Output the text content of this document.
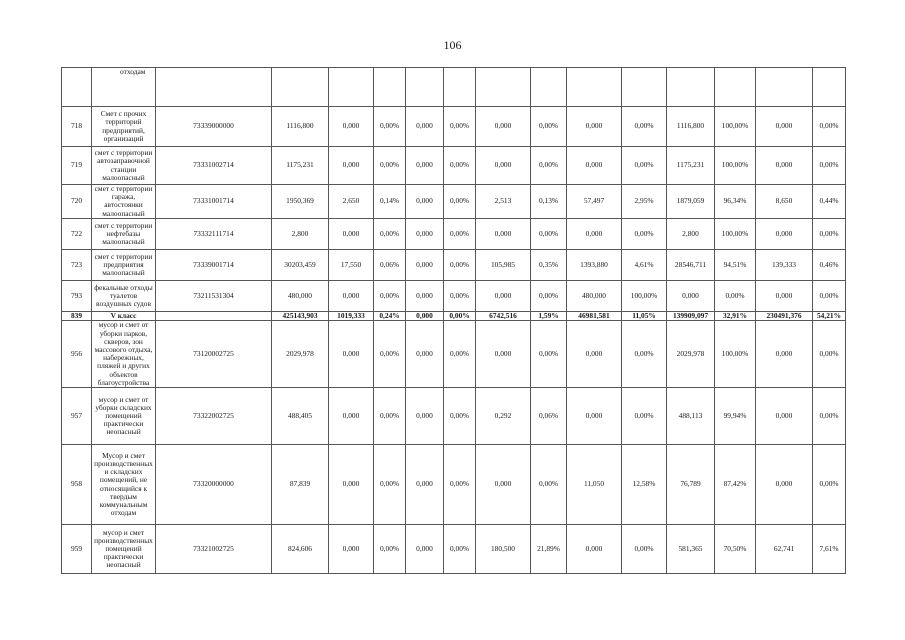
106
	отходам														
718	Смет с прочих территорий предприятий, организаций	73339000000	1116,800	0,000	0,00%	0,000	0,00%	0,000	0,00%	0,000	0,00%	1116,800	100,00%	0,000	0,00%
719	смет с территории автозаправочной станции малоопасный	73331002714	1175,231	0,000	0,00%	0,000	0,00%	0,000	0,00%	0,000	0,00%	1175,231	100,00%	0,000	0,00%
720	смет с территории гаража, автостоянки малоопасный	73331001714	1950,369	2,650	0,14%	0,000	0,00%	2,513	0,13%	57,497	2,95%	1879,059	96,34%	8,650	0,44%
722	смет с территории нефтебазы малоопасный	73332111714	2,800	0,000	0,00%	0,000	0,00%	0,000	0,00%	0,000	0,00%	2,800	100,00%	0,000	0,00%
723	смет с территории предприятия малоопасный	73339001714	30203,459	17,550	0,06%	0,000	0,00%	105,985	0,35%	1393,880	4,61%	28546,711	94,51%	139,333	0,46%
793	фекальные отходы туалетов воздушных судов	73211531304	480,000	0,000	0,00%	0,000	0,00%	0,000	0,00%	480,000	100,00%	0,000	0,00%	0,000	0,00%
839	V класс		425143,903	1019,333	0,24%	0,000	0,00%	6742,516	1,59%	46981,581	11,05%	139909,097	32,91%	230491,376	54,21%
956	мусор и смет от уборки парков, скверов, зон массового отдыха, набережных, пляжей и других объектов благоустройства	73120002725	2029,978	0,000	0,00%	0,000	0,00%	0,000	0,00%	0,000	0,00%	2029,978	100,00%	0,000	0,00%
957	мусор и смет от уборки складских помещений практически неопасный	73322002725	488,405	0,000	0,00%	0,000	0,00%	0,292	0,06%	0,000	0,00%	488,113	99,94%	0,000	0,00%
958	Мусор и смет производственных и складских помещений, не относящийся к твердым коммунальным отходам	73320000000	87,839	0,000	0,00%	0,000	0,00%	0,000	0,00%	11,050	12,58%	76,789	87,42%	0,000	0,00%
959	мусор и смет производственных помещений практически неопасный	73321002725	824,606	0,000	0,00%	0,000	0,00%	180,500	21,89%	0,000	0,00%	581,365	70,50%	62,741	7,61%
